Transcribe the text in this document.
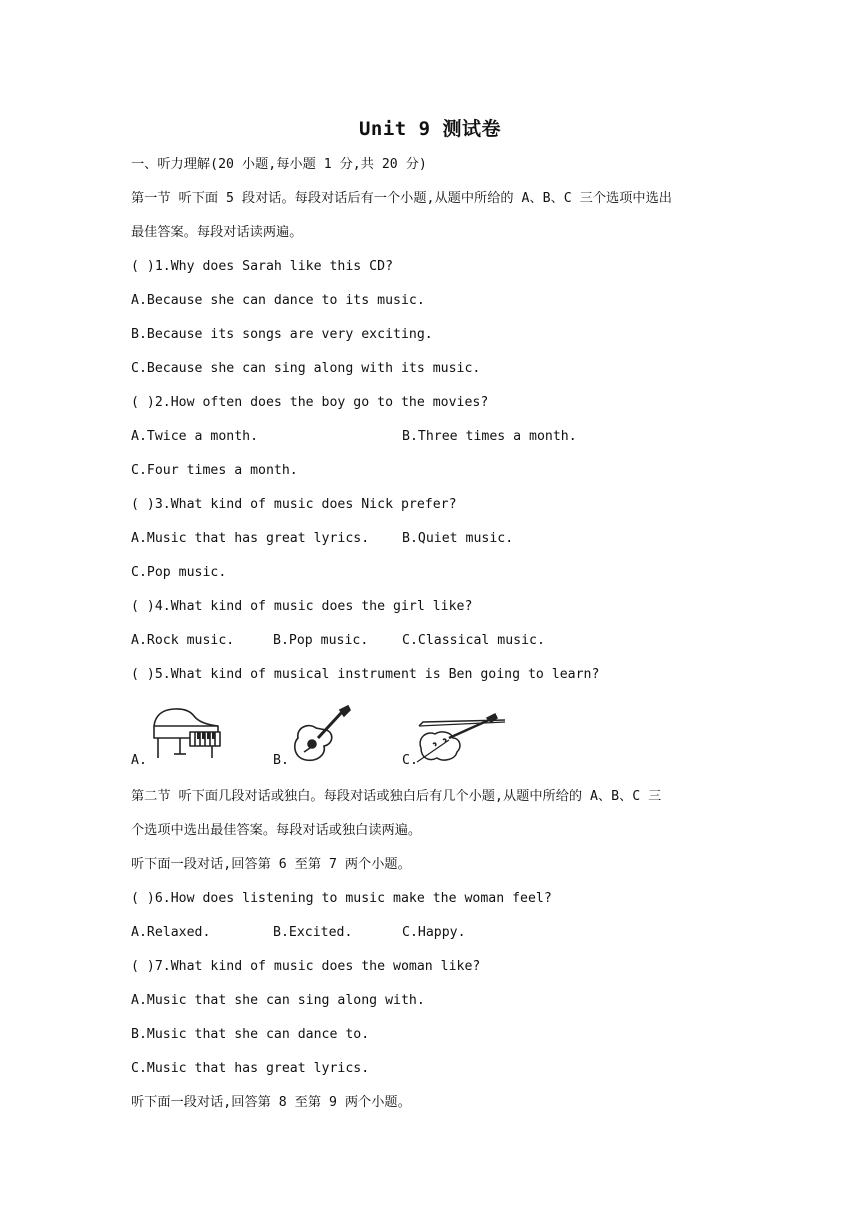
Unit 9 测试卷
一、听力理解(20 小题,每小题 1 分,共 20 分)
第一节 听下面 5 段对话。每段对话后有一个小题,从题中所给的 A、B、C 三个选项中选出
最佳答案。每段对话读两遍。
( )1.Why does Sarah like this CD?
A.Because she can dance to its music.
B.Because its songs are very exciting.
C.Because she can sing along with its music.
( )2.How often does the boy go to the movies?
A.Twice a month.	B.Three times a month.
C.Four times a month.
( )3.What kind of music does Nick prefer?
A.Music that has great lyrics. B.Quiet music.
C.Pop music.
( )4.What kind of music does the girl like?
A.Rock music.	B.Pop music.	C.Classical music.
( )5.What kind of musical instrument is Ben going to learn?
A.	B.	C.
第二节 听下面几段对话或独白。每段对话或独白后有几个小题,从题中所给的 A、B、C 三
个选项中选出最佳答案。每段对话或独白读两遍。
听下面一段对话,回答第 6 至第 7 两个小题。
( )6.How does listening to music make the woman feel?
A.Relaxed.	B.Excited.	C.Happy.
( )7.What kind of music does the woman like?
A.Music that she can sing along with.
B.Music that she can dance to.
C.Music that has great lyrics.
听下面一段对话,回答第 8 至第 9 两个小题。
